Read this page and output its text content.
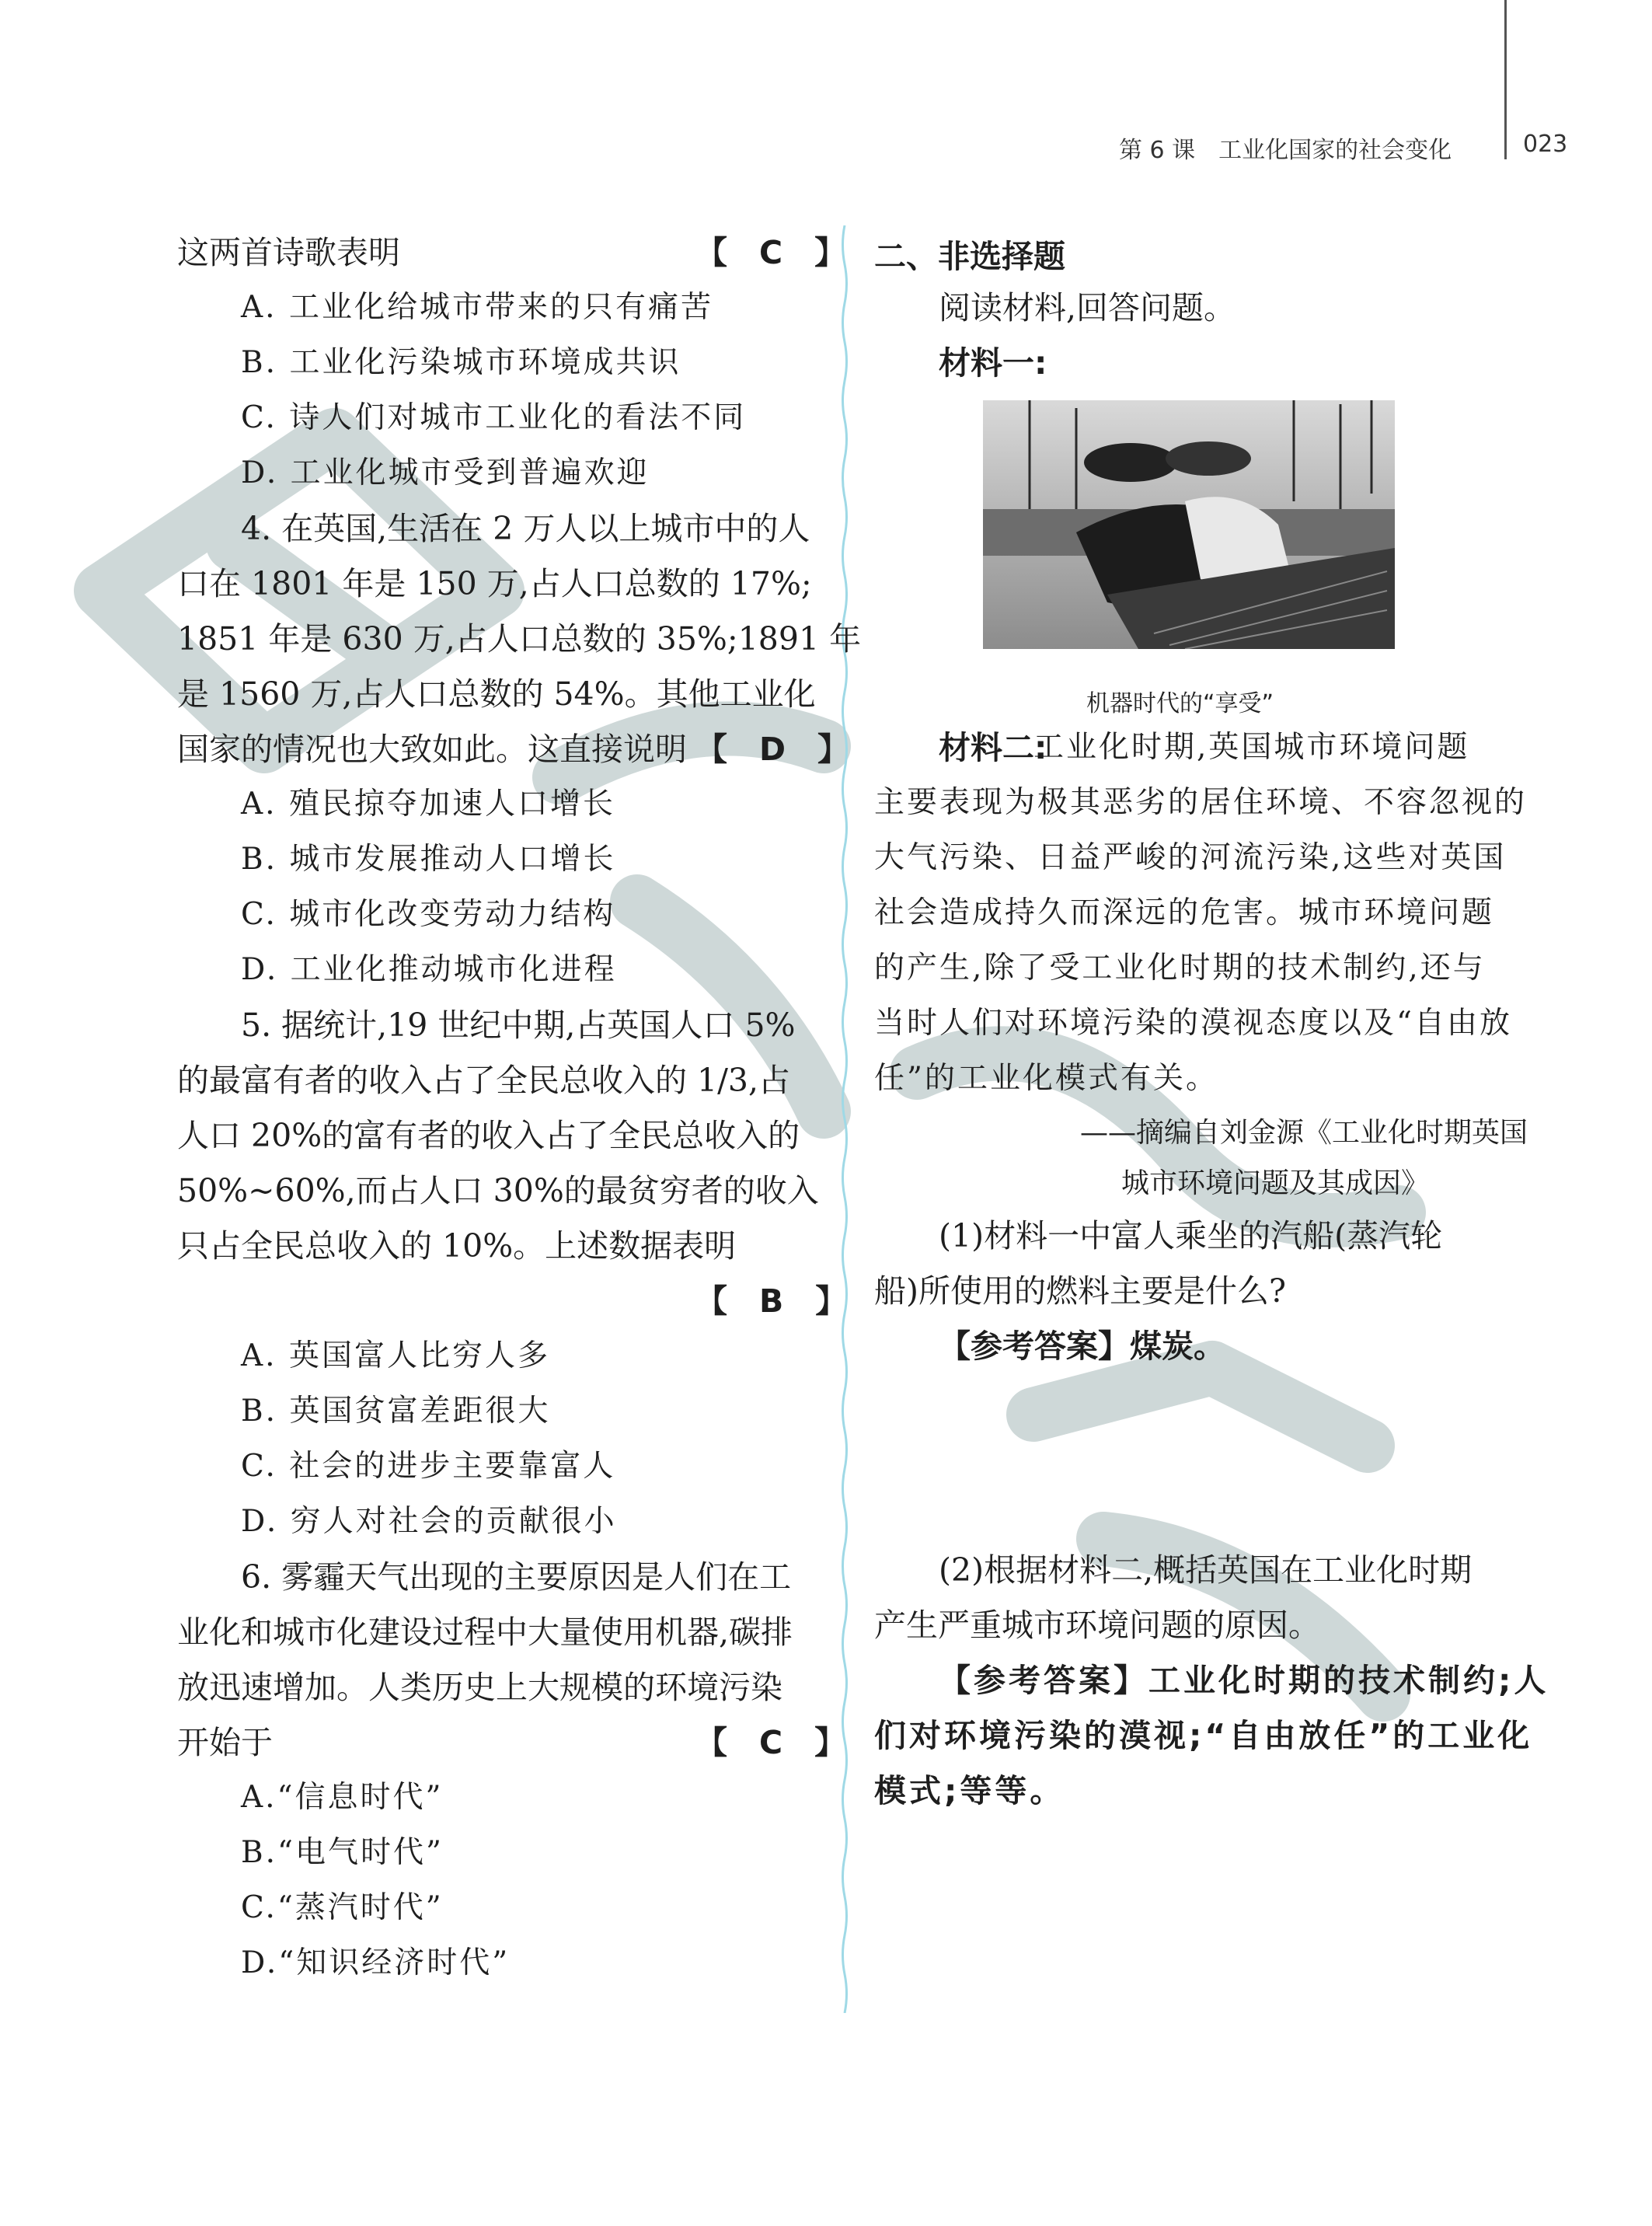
第 6 课　工业化国家的社会变化	023
这两首诗歌表明	【　C　】
A. 工业化给城市带来的只有痛苦
B. 工业化污染城市环境成共识
C. 诗人们对城市工业化的看法不同
D. 工业化城市受到普遍欢迎
4. 在英国,生活在 2 万人以上城市中的人
口在 1801 年是 150 万,占人口总数的 17%;
1851 年是 630 万,占人口总数的 35%;1891 年
是 1560 万,占人口总数的 54%。其他工业化
国家的情况也大致如此。这直接说明 【　D　】
A. 殖民掠夺加速人口增长
B. 城市发展推动人口增长
C. 城市化改变劳动力结构
D. 工业化推动城市化进程
5. 据统计,19 世纪中期,占英国人口 5%
的最富有者的收入占了全民总收入的 1/3,占
人口 20%的富有者的收入占了全民总收入的
50%~60%,而占人口 30%的最贫穷者的收入
只占全民总收入的 10%。上述数据表明
【　B　】
A. 英国富人比穷人多
B. 英国贫富差距很大
C. 社会的进步主要靠富人
D. 穷人对社会的贡献很小
6. 雾霾天气出现的主要原因是人们在工
业化和城市化建设过程中大量使用机器,碳排
放迅速增加。人类历史上大规模的环境污染
开始于	【　C　】
A.“信息时代”
B.“电气时代”
C.“蒸汽时代”
D.“知识经济时代”
二、非选择题
阅读材料,回答问题。
材料一:
机器时代的“享受”
材料二:
工业化时期,英国城市环境问题
主要表现为极其恶劣的居住环境、不容忽视的
大气污染、日益严峻的河流污染,这些对英国
社会造成持久而深远的危害。城市环境问题
的产生,除了受工业化时期的技术制约,还与
当时人们对环境污染的漠视态度以及“自由放
任”的工业化模式有关。
——摘编自刘金源《工业化时期英国
城市环境问题及其成因》
(1)材料一中富人乘坐的汽船(蒸汽轮
船)所使用的燃料主要是什么?
【参考答案】 煤炭。
(2)根据材料二,概括英国在工业化时期
产生严重城市环境问题的原因。
【参考答案】工业化时期的技术制约;人
们对环境污染的漠视;“自由放任”的工业化
模式;等等。
